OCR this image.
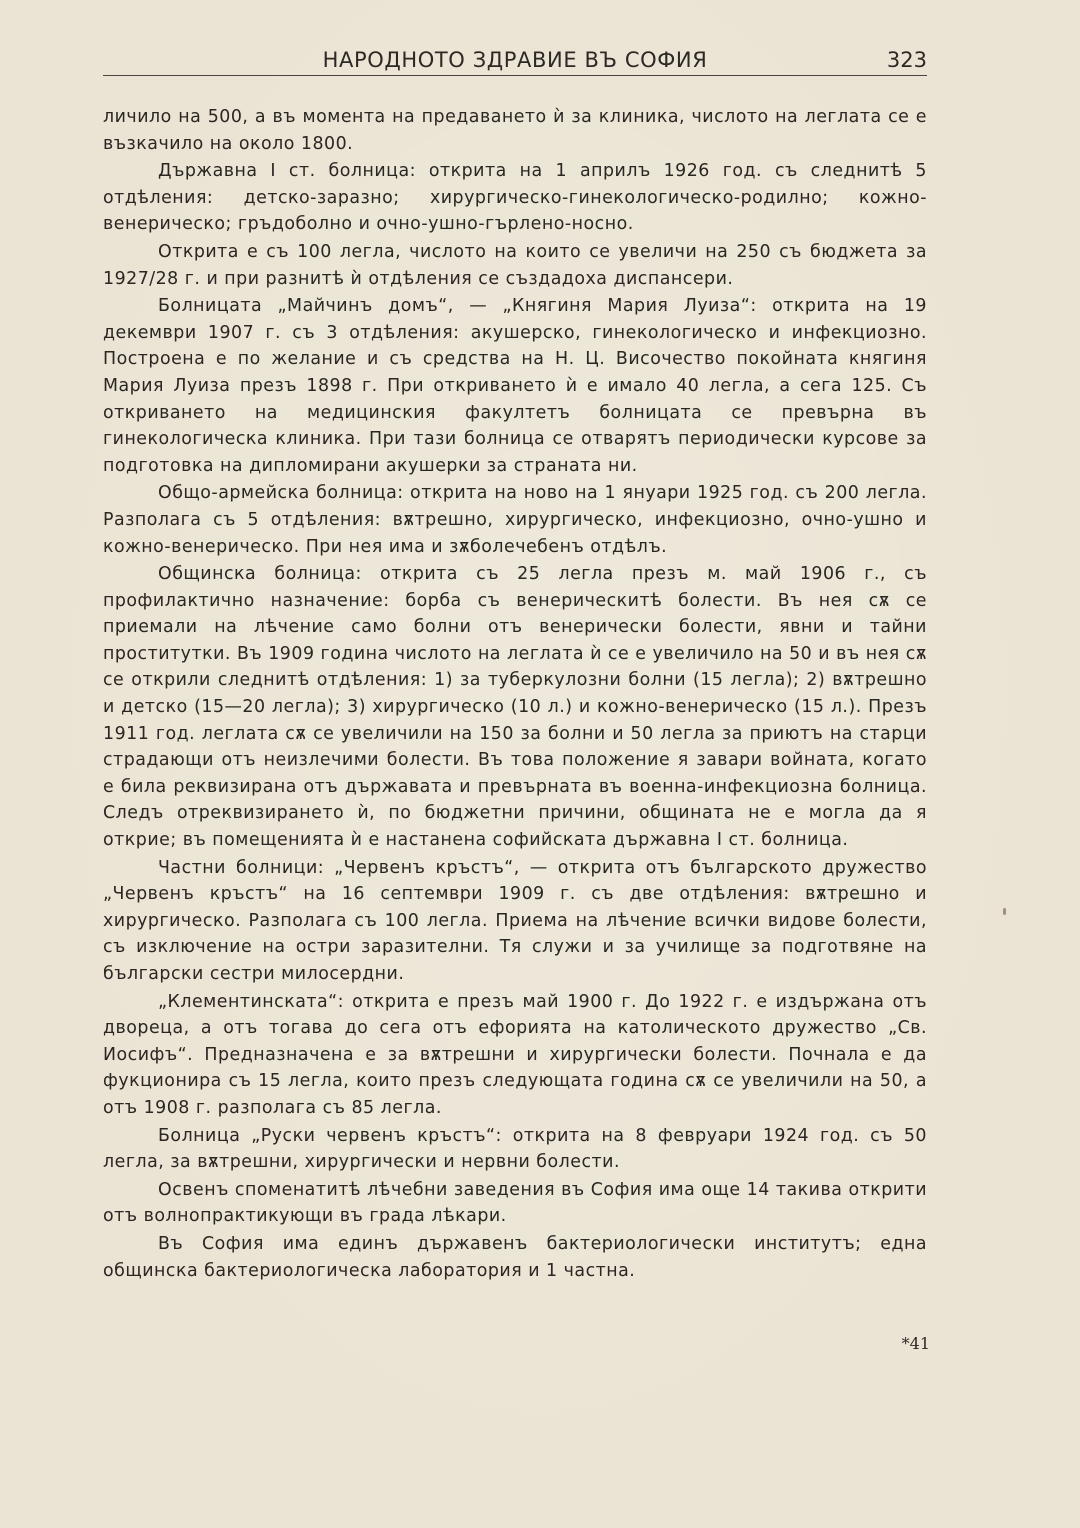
НАРОДНОТО ЗДРАВИЕ ВЪ СОФИЯ	323

личило на 500, а въ момента на предаването ѝ за клиника, числото на леглата се е възкачило на около 1800.

Държавна I ст. болница: открита на 1 априлъ 1926 год. съ следнитѣ 5 отдѣления: детско-заразно; хирургическо-гинекологическо-родилно; кожно-венерическо; гръдоболно и очно-ушно-гърлено-носно.

Открита е съ 100 легла, числото на които се увеличи на 250 съ бюджета за 1927/28 г. и при разнитѣ ѝ отдѣления се създадоха диспансери.

Болницата „Майчинъ домъ“, — „Княгиня Мария Луиза“: открита на 19 декември 1907 г. съ 3 отдѣления: акушерско, гинекологическо и инфекциозно. Построена е по желание и съ средства на Н. Ц. Височество покойната княгиня Мария Луиза презъ 1898 г. При откриването ѝ е имало 40 легла, а сега 125. Съ откриването на медицинския факултетъ болницата се превърна въ гинекологическа клиника. При тази болница се отварятъ периодически курсове за подготовка на дипломирани акушерки за страната ни.

Общо-армейска болница: открита на ново на 1 януари 1925 год. съ 200 легла. Разполага съ 5 отдѣления: вѫтрешно, хирургическо, инфекциозно, очно-ушно и кожно-венерическо. При нея има и зѫболечебенъ отдѣлъ.

Общинска болница: открита съ 25 легла презъ м. май 1906 г., съ профилактично назначение: борба съ венерическитѣ болести. Въ нея сѫ се приемали на лѣчение само болни отъ венерически болести, явни и тайни проститутки. Въ 1909 година числото на леглата ѝ се е увеличило на 50 и въ нея сѫ се открили следнитѣ отдѣления: 1) за туберкулозни болни (15 легла); 2) вѫтрешно и детско (15—20 легла); 3) хирургическо (10 л.) и кожно-венерическо (15 л.). Презъ 1911 год. леглата сѫ се увеличили на 150 за болни и 50 легла за приютъ на старци страдающи отъ неизлечими болести. Въ това положение я завари войната, когато е била реквизирана отъ държавата и превърната въ военна-инфекциозна болница. Следъ отреквизирането ѝ, по бюджетни причини, общината не е могла да я открие; въ помещенията ѝ е настанена софийската държавна I ст. болница.

Частни болници: „Червенъ кръстъ“, — открита отъ българското дружество „Червенъ кръстъ“ на 16 септември 1909 г. съ две отдѣления: вѫтрешно и хирургическо. Разполага съ 100 легла. Приема на лѣчение всички видове болести, съ изключение на остри заразителни. Тя служи и за училище за подготвяне на български сестри милосердни.

„Клементинската“: открита е презъ май 1900 г. До 1922 г. е издържана отъ двореца, а отъ тогава до сега отъ ефорията на католическото дружество „Св. Иосифъ“. Предназначена е за вѫтрешни и хирургически болести. Почнала е да фукционира съ 15 легла, които презъ следующата година сѫ се увеличили на 50, а отъ 1908 г. разполага съ 85 легла.

Болница „Руски червенъ кръстъ“: открита на 8 февруари 1924 год. съ 50 легла, за вѫтрешни, хирургически и нервни болести.

Освенъ споменатитѣ лѣчебни заведения въ София има още 14 такива открити отъ волнопрактикующи въ града лѣкари.

Въ София има единъ държавенъ бактериологически институтъ; една общинска бактериологическа лаборатория и 1 частна.

*41
